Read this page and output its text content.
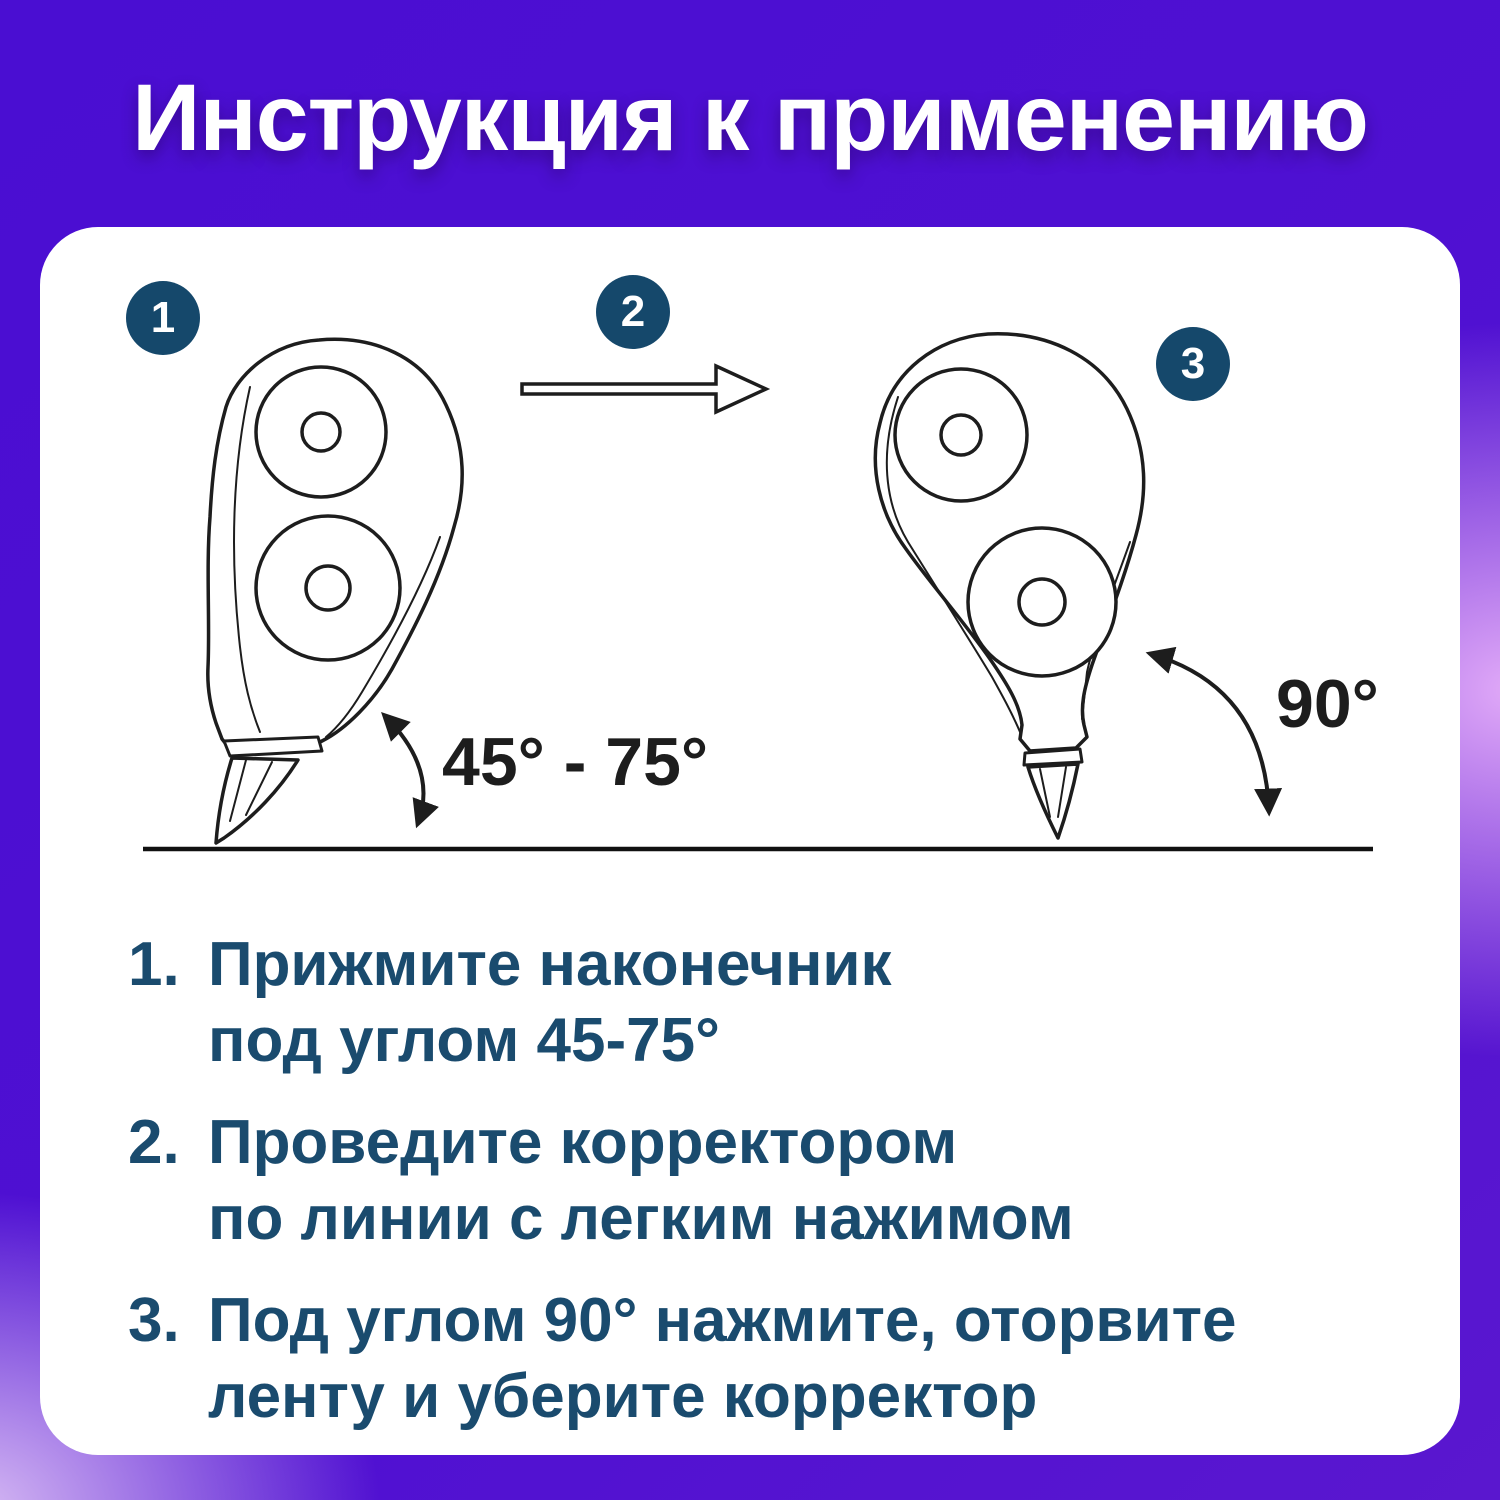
Инструкция к применению
1	2
3
45° - 75°
90°
1. Прижмите наконечник
под углом 45-75°
2. Проведите корректором
по линии с легким нажимом
3. Под углом 90° нажмите, оторвите
ленту и уберите корректор
